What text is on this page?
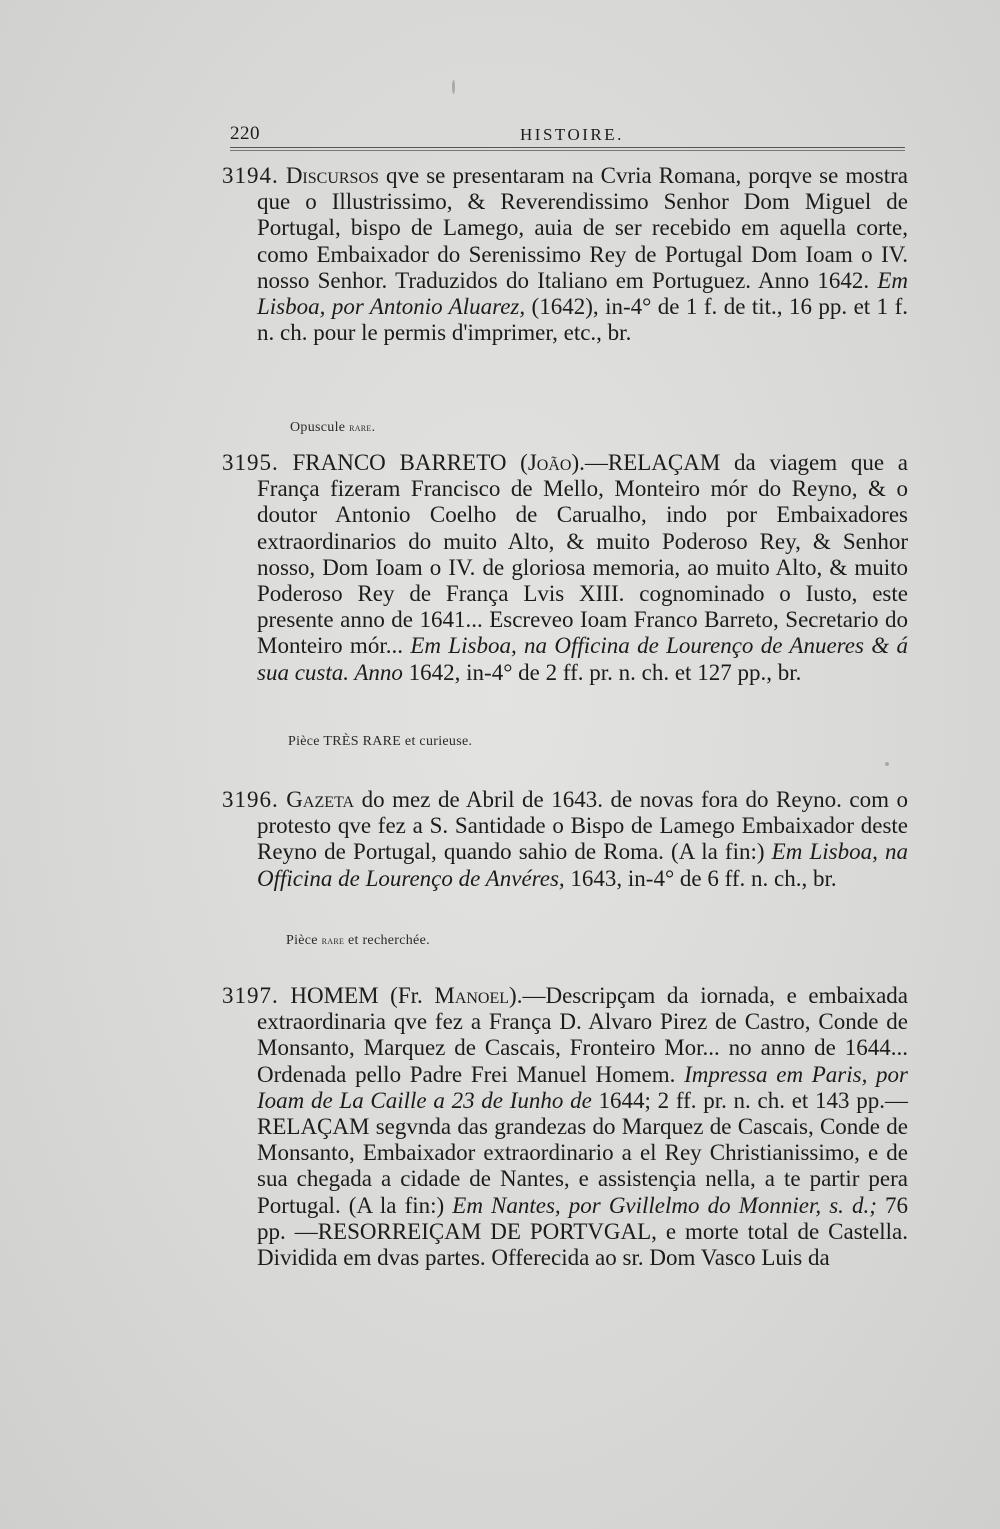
220	HISTOIRE.

3194. Discursos qve se presentaram na Cvria Romana, porqve se mostra que o Illustrissimo, & Reverendissimo Senhor Dom Miguel de Portugal, bispo de Lamego, auia de ser recebido em aquella corte, como Embaixador do Serenissimo Rey de Portugal Dom Ioam o IV. nosso Senhor. Traduzidos do Italiano em Portuguez. Anno 1642. Em Lisboa, por Antonio Aluarez, (1642), in-4° de 1 f. de tit., 16 pp. et 1 f. n. ch. pour le permis d'imprimer, etc., br.

Opuscule rare.

3195. FRANCO BARRETO (João).—RELAÇAM da viagem que a França fizeram Francisco de Mello, Monteiro mór do Reyno, & o doutor Antonio Coelho de Carualho, indo por Embaixadores extraordinarios do muito Alto, & muito Poderoso Rey, & Senhor nosso, Dom Ioam o IV. de gloriosa memoria, ao muito Alto, & muito Poderoso Rey de França Lvis XIII. cognominado o Iusto, este presente anno de 1641... Escreveo Ioam Franco Barreto, Secretario do Monteiro mór... Em Lisboa, na Officina de Lourenço de Anueres & á sua custa. Anno 1642, in-4° de 2 ff. pr. n. ch. et 127 pp., br.

Pièce TRÈS RARE et curieuse.

3196. Gazeta do mez de Abril de 1643. de novas fora do Reyno. com o protesto qve fez a S. Santidade o Bispo de Lamego Embaixador deste Reyno de Portugal, quando sahio de Roma. (A la fin:) Em Lisboa, na Officina de Lourenço de Anvéres, 1643, in-4° de 6 ff. n. ch., br.

Pièce rare et recherchée.

3197. HOMEM (Fr. Manoel).—Descripçam da iornada, e embaixada extraordinaria qve fez a França D. Alvaro Pirez de Castro, Conde de Monsanto, Marquez de Cascais, Fronteiro Mor... no anno de 1644... Ordenada pello Padre Frei Manuel Homem. Impressa em Paris, por Ioam de La Caille a 23 de Iunho de 1644; 2 ff. pr. n. ch. et 143 pp.—RELAÇAM segvnda das grandezas do Marquez de Cascais, Conde de Monsanto, Embaixador extraordinario a el Rey Christianissimo, e de sua chegada a cidade de Nantes, e assistençia nella, a te partir pera Portugal. (A la fin:) Em Nantes, por Gvillelmo do Monnier, s. d.; 76 pp. —RESORREIÇAM DE PORTVGAL, e morte total de Castella. Dividida em dvas partes. Offerecida ao sr. Dom Vasco Luis da
